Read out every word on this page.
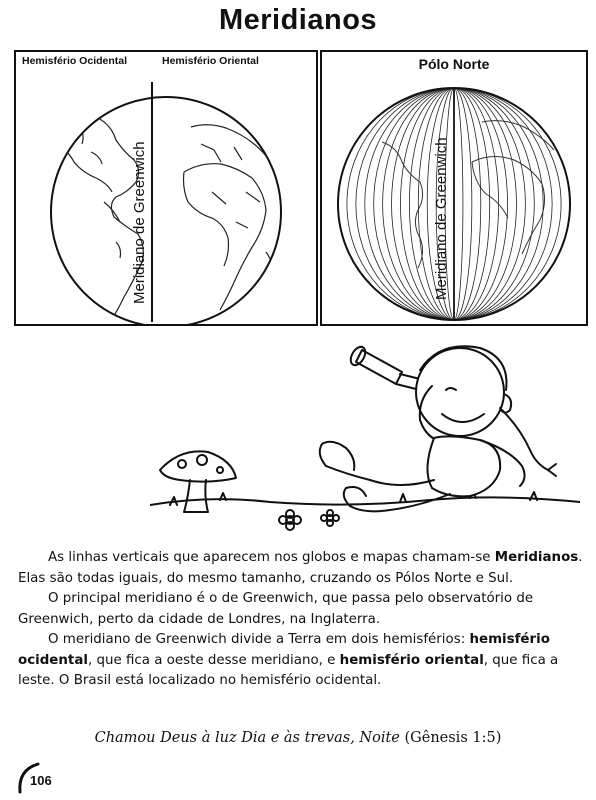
Meridianos
Meridiano de Greenwich
Hemisfério Ocidental	Hemisfério Oriental	Pólo Norte
Meridiano de Greenwich

As linhas verticais que aparecem nos globos e mapas chamam-se Meridianos. Elas são todas iguais, do mesmo tamanho, cruzando os Pólos Norte e Sul.

O principal meridiano é o de Greenwich, que passa pelo observatório de Greenwich, perto da cidade de Londres, na Inglaterra.

O meridiano de Greenwich divide a Terra em dois hemisférios: hemisfério ocidental, que fica a oeste desse meridiano, e hemisfério oriental, que fica a leste. O Brasil está localizado no hemisfério ocidental.

Chamou Deus à luz Dia e às trevas, Noite (Gênesis 1:5)
106
